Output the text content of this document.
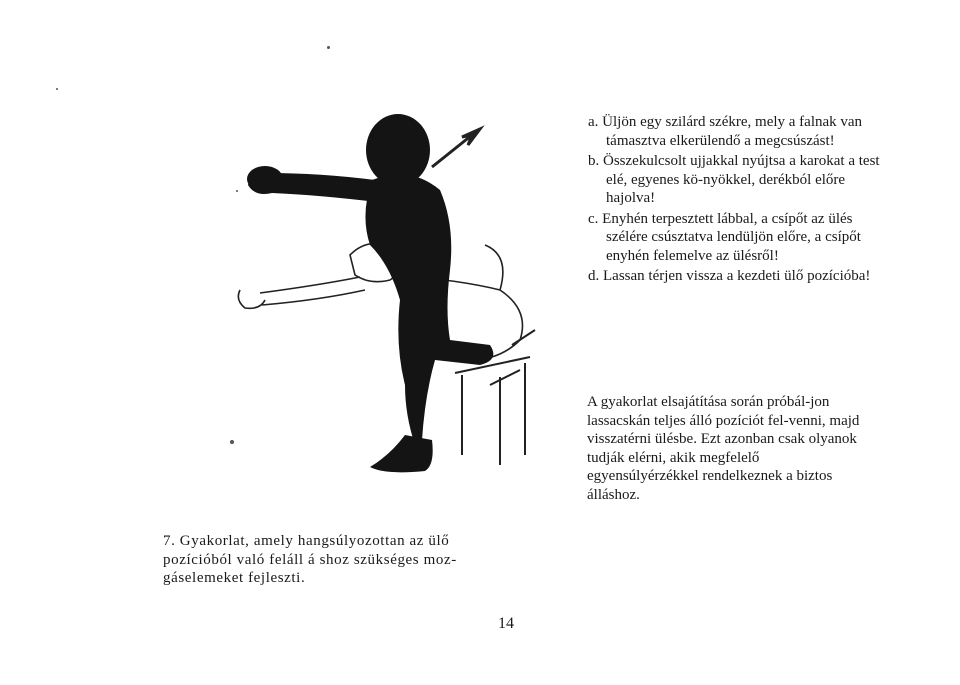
a. Üljön egy szilárd székre, mely a falnak van támasztva elkerülendő a megcsúszást!

b. Összekulcsolt ujjakkal nyújtsa a karokat a test elé, egyenes kö-nyökkel, derékból előre hajolva!

c. Enyhén terpesztett lábbal, a csípőt az ülés szélére csúsztatva lendüljön előre, a csípőt enyhén felemelve az ülésről!

d. Lassan térjen vissza a kezdeti ülő pozícióba!

A gyakorlat elsajátítása során próbál-jon lassacskán teljes álló pozíciót fel-venni, majd visszatérni ülésbe. Ezt azonban csak olyanok tudják elérni, akik megfelelő egyensúlyérzékkel rendelkeznek a biztos álláshoz.

7. Gyakorlat, amely hangsúlyozottan az ülő pozícióból való feláll á shoz szükséges moz-gáselemeket fejleszti.

14
